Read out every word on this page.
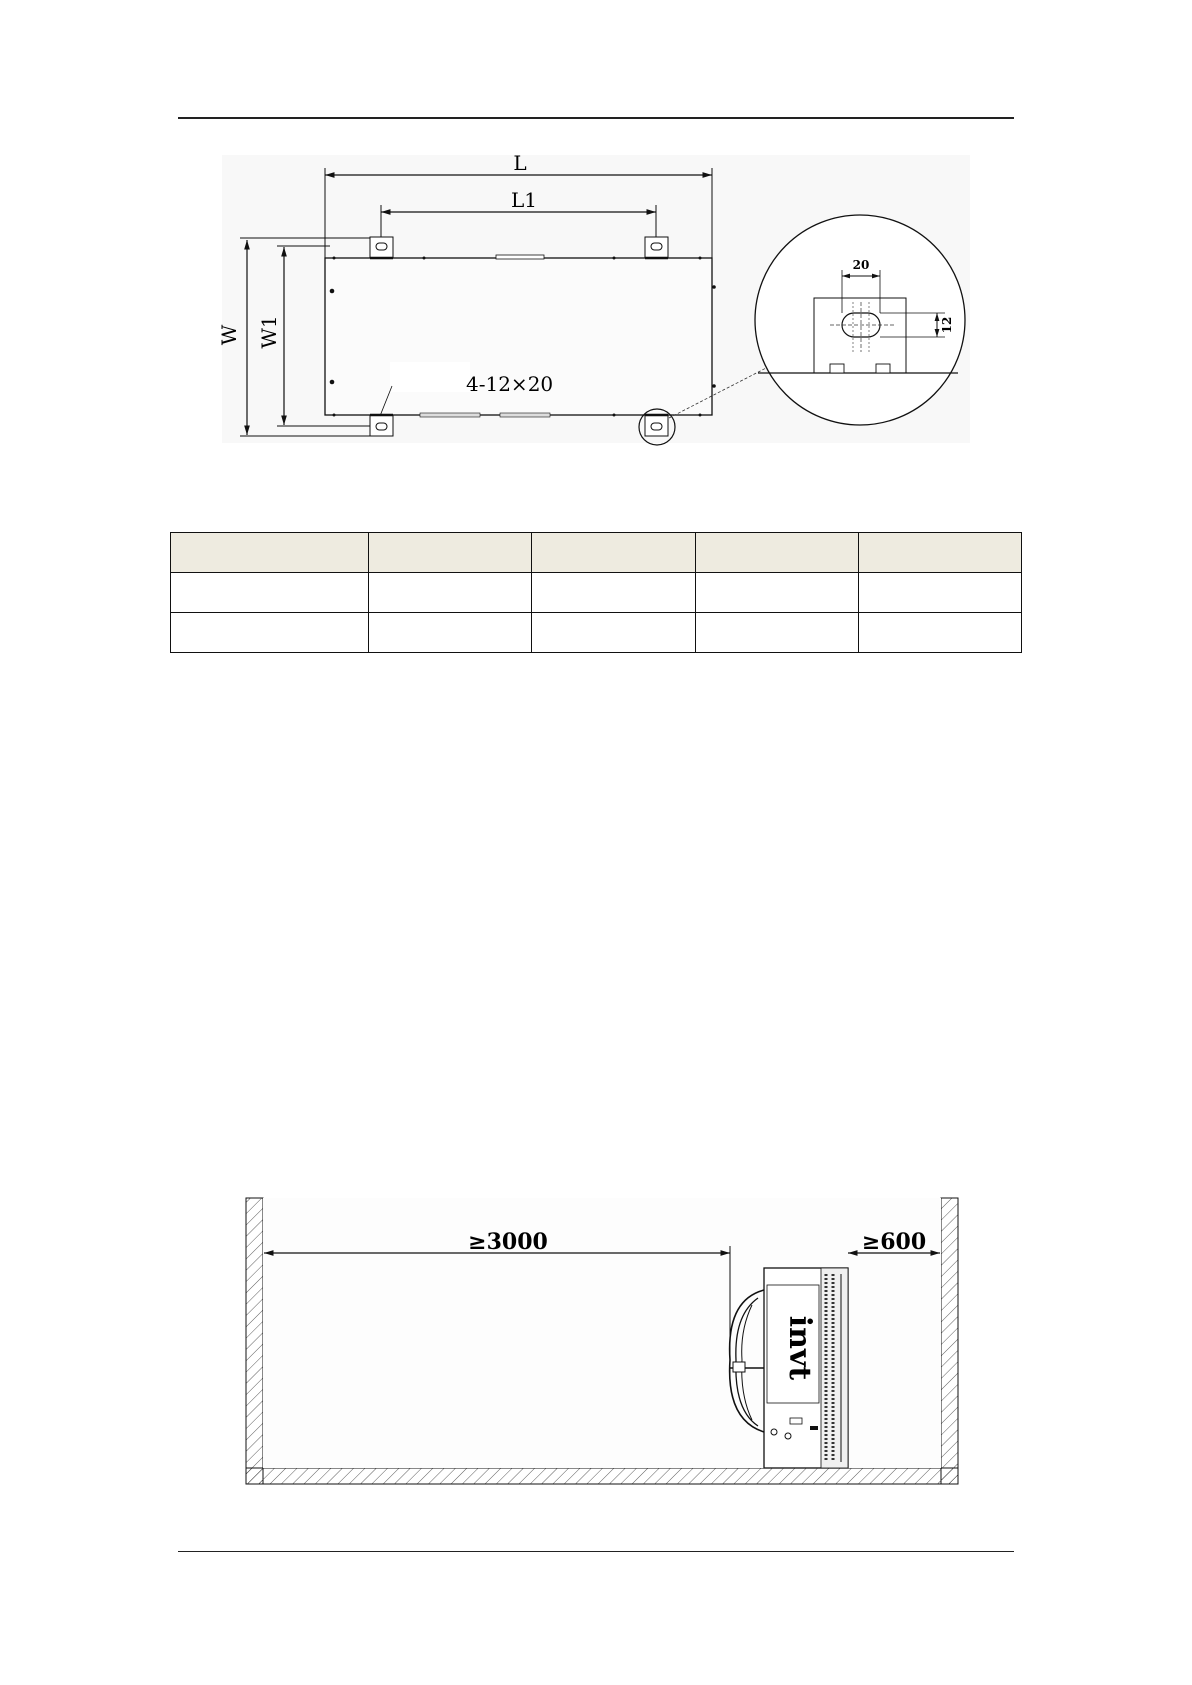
L
L1
W W1
4-12×20
20
12

≥3000	≥600
invt
